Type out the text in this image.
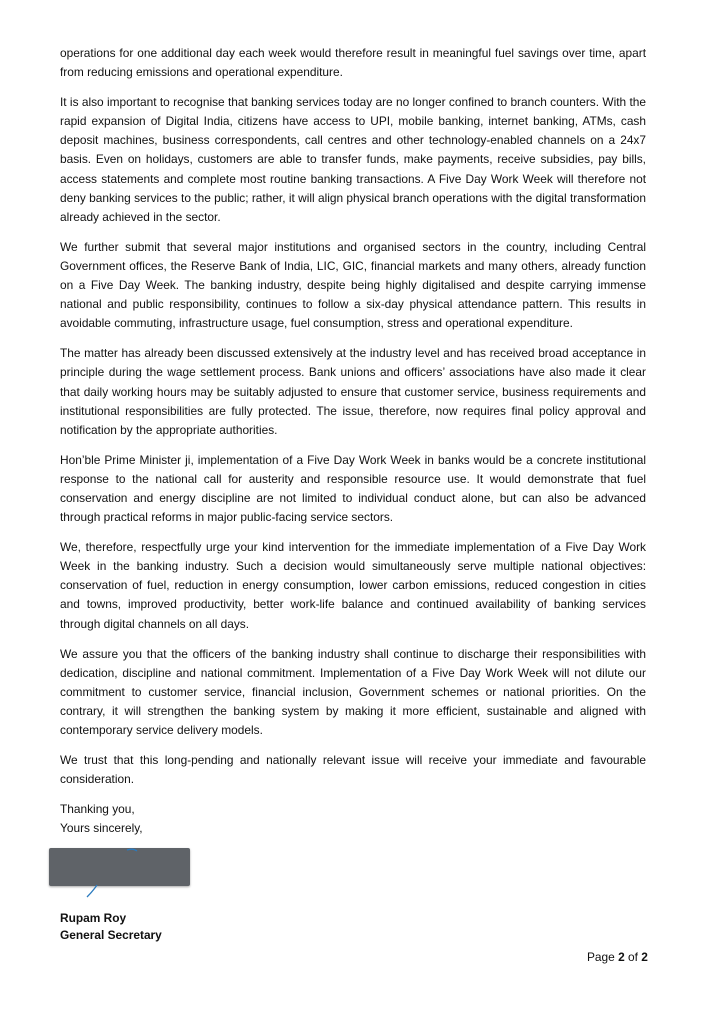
operations for one additional day each week would therefore result in meaningful fuel savings over time, apart from reducing emissions and operational expenditure.

It is also important to recognise that banking services today are no longer confined to branch counters. With the rapid expansion of Digital India, citizens have access to UPI, mobile banking, internet banking, ATMs, cash deposit machines, business correspondents, call centres and other technology-enabled channels on a 24x7 basis. Even on holidays, customers are able to transfer funds, make payments, receive subsidies, pay bills, access statements and complete most routine banking transactions. A Five Day Work Week will therefore not deny banking services to the public; rather, it will align physical branch operations with the digital transformation already achieved in the sector.

We further submit that several major institutions and organised sectors in the country, including Central Government offices, the Reserve Bank of India, LIC, GIC, financial markets and many others, already function on a Five Day Week. The banking industry, despite being highly digitalised and despite carrying immense national and public responsibility, continues to follow a six-day physical attendance pattern. This results in avoidable commuting, infrastructure usage, fuel consumption, stress and operational expenditure.

The matter has already been discussed extensively at the industry level and has received broad acceptance in principle during the wage settlement process. Bank unions and officers’ associations have also made it clear that daily working hours may be suitably adjusted to ensure that customer service, business requirements and institutional responsibilities are fully protected. The issue, therefore, now requires final policy approval and notification by the appropriate authorities.

Hon’ble Prime Minister ji, implementation of a Five Day Work Week in banks would be a concrete institutional response to the national call for austerity and responsible resource use. It would demonstrate that fuel conservation and energy discipline are not limited to individual conduct alone, but can also be advanced through practical reforms in major public-facing service sectors.

We, therefore, respectfully urge your kind intervention for the immediate implementation of a Five Day Work Week in the banking industry. Such a decision would simultaneously serve multiple national objectives: conservation of fuel, reduction in energy consumption, lower carbon emissions, reduced congestion in cities and towns, improved productivity, better work-life balance and continued availability of banking services through digital channels on all days.

We assure you that the officers of the banking industry shall continue to discharge their responsibilities with dedication, discipline and national commitment. Implementation of a Five Day Work Week will not dilute our commitment to customer service, financial inclusion, Government schemes or national priorities. On the contrary, it will strengthen the banking system by making it more efficient, sustainable and aligned with contemporary service delivery models.

We trust that this long-pending and nationally relevant issue will receive your immediate and favourable consideration.

Thanking you,

Yours sincerely,

Rupam Roy

General Secretary

Page 2 of 2
